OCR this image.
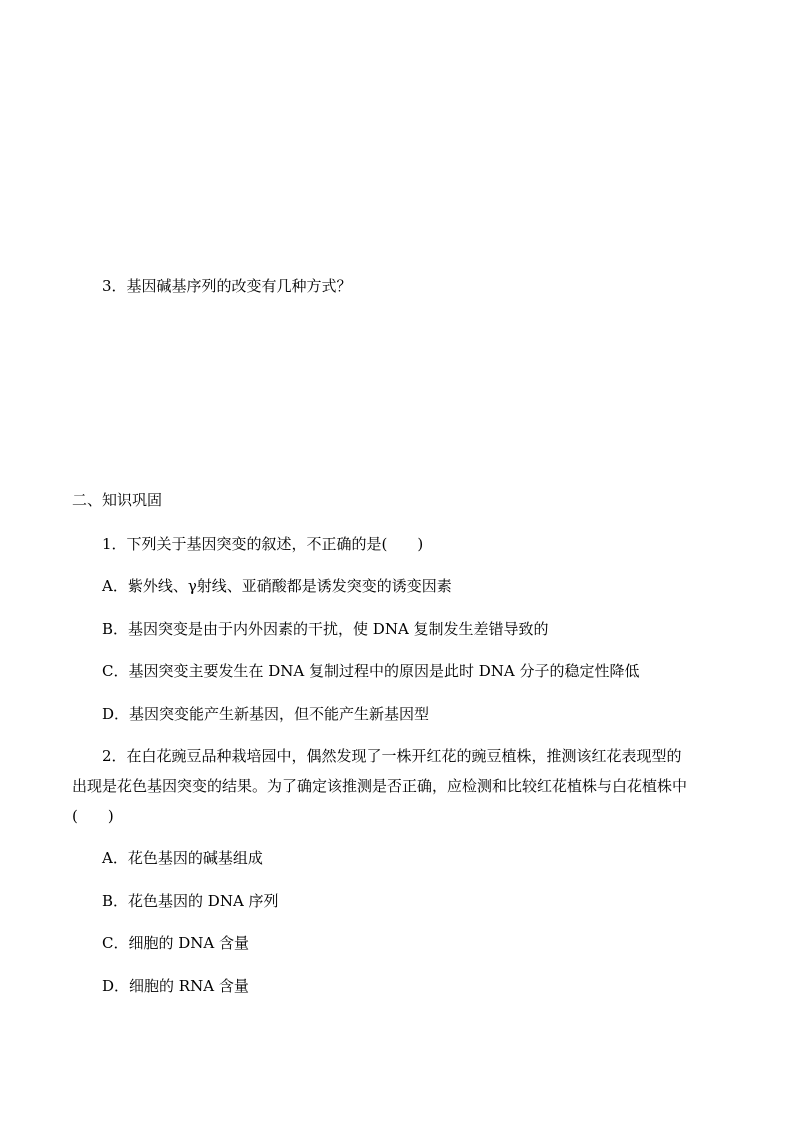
3．基因碱基序列的改变有几种方式？
二、知识巩固
1．下列关于基因突变的叙述，不正确的是(　　)
A．紫外线、γ射线、亚硝酸都是诱发突变的诱变因素
B．基因突变是由于内外因素的干扰，使 DNA 复制发生差错导致的
C．基因突变主要发生在 DNA 复制过程中的原因是此时 DNA 分子的稳定性降低
D．基因突变能产生新基因，但不能产生新基因型
2．在白花豌豆品种栽培园中，偶然发现了一株开红花的豌豆植株，推测该红花表现型的
出现是花色基因突变的结果。为了确定该推测是否正确，应检测和比较红花植株与白花植株中
(　　)
A．花色基因的碱基组成
B．花色基因的 DNA 序列
C．细胞的 DNA 含量
D．细胞的 RNA 含量
